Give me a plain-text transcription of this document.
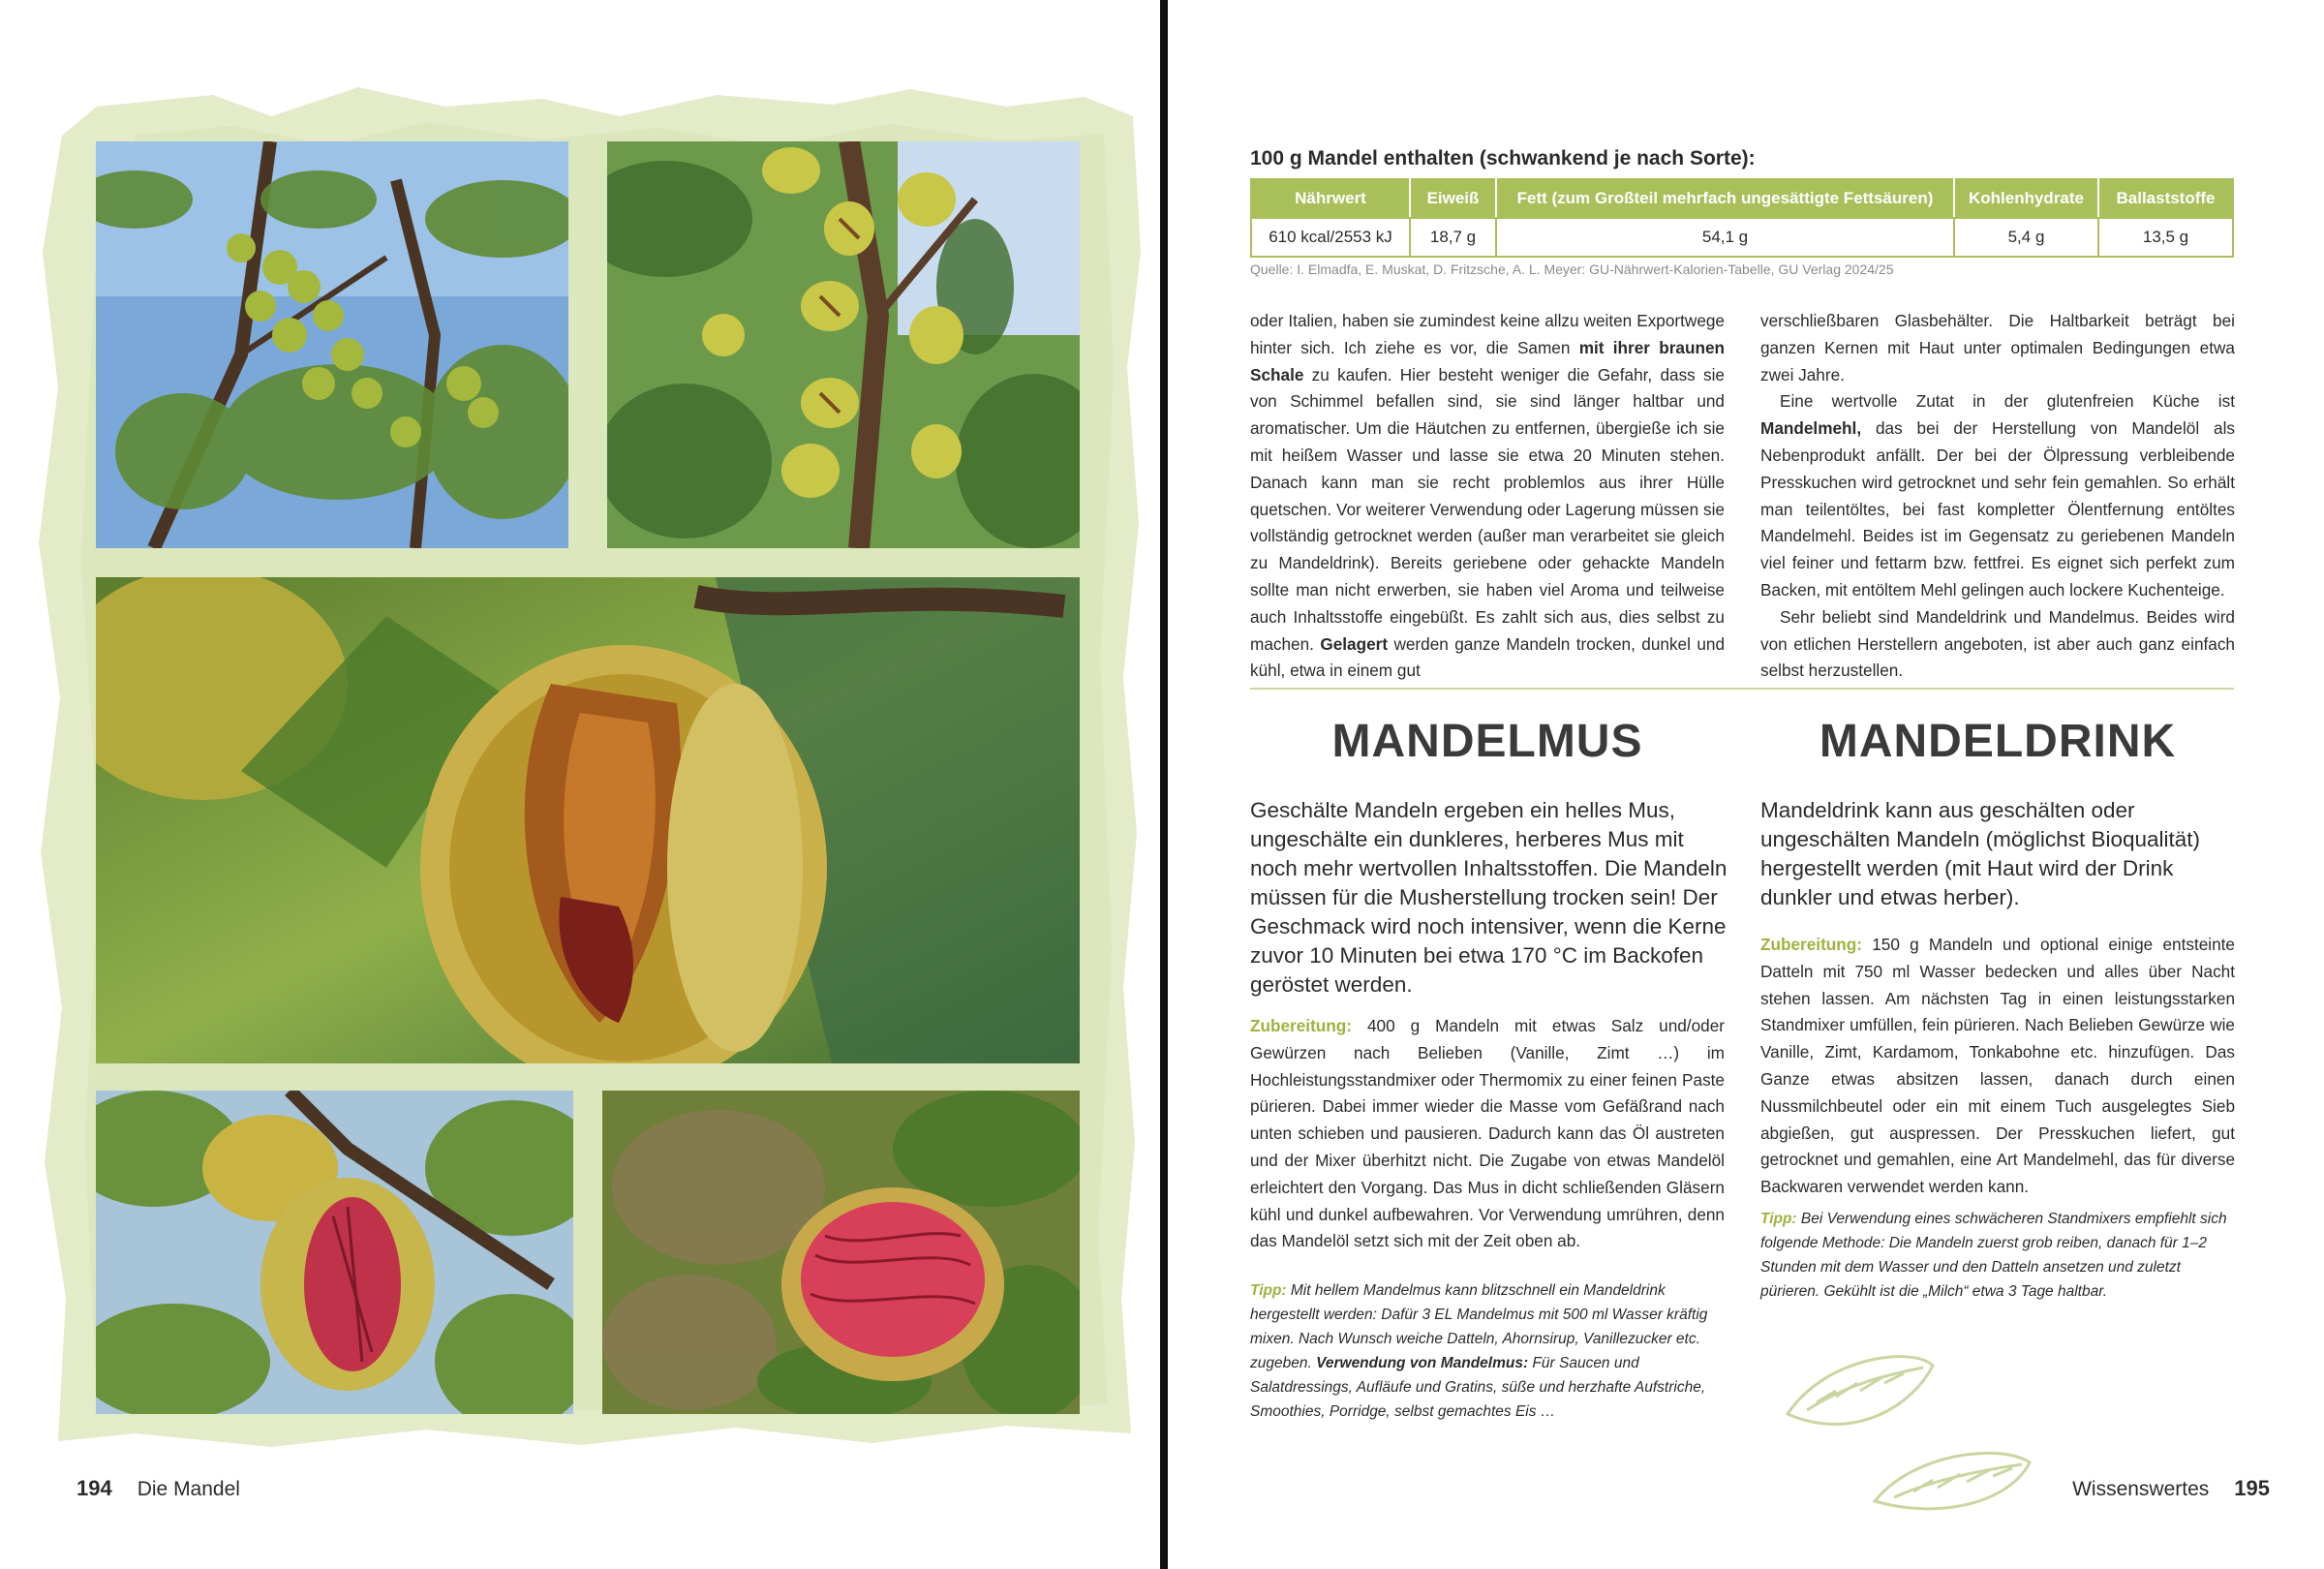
194 Die Mandel
100 g Mandel enthalten (schwankend je nach Sorte):
Nährwert	Eiweiß	Fett (zum Großteil mehrfach ungesättigte Fettsäuren)	Kohlenhydrate	Ballaststoffe
610 kcal/2553 kJ	18,7 g	54,1 g	5,4 g	13,5 g
Quelle: I. Elmadfa, E. Muskat, D. Fritzsche, A. L. Meyer: GU-Nährwert-Kalorien-Tabelle, GU Verlag 2024/25

oder Italien, haben sie zumindest keine allzu weiten Exportwege hinter sich. Ich ziehe es vor, die Samen mit ihrer braunen Schale zu kaufen. Hier besteht weniger die Gefahr, dass sie von Schimmel befallen sind, sie sind länger haltbar und aromatischer. Um die Häutchen zu entfernen, übergieße ich sie mit heißem Wasser und lasse sie etwa 20 Minuten stehen. Danach kann man sie recht problemlos aus ihrer Hülle quetschen. Vor weiterer Verwendung oder Lagerung müssen sie vollständig getrocknet werden (außer man verarbeitet sie gleich zu Mandeldrink). Bereits geriebene oder gehackte Mandeln sollte man nicht erwerben, sie haben viel Aroma und teilweise auch Inhaltsstoffe eingebüßt. Es zahlt sich aus, dies selbst zu machen. Gelagert werden ganze Mandeln trocken, dunkel und kühl, etwa in einem gut

verschließbaren Glasbehälter. Die Haltbarkeit beträgt bei ganzen Kernen mit Haut unter optimalen Bedingungen etwa zwei Jahre.

Eine wertvolle Zutat in der glutenfreien Küche ist Mandelmehl, das bei der Herstellung von Mandelöl als Nebenprodukt anfällt. Der bei der Ölpressung verbleibende Presskuchen wird getrocknet und sehr fein gemahlen. So erhält man teilentöltes, bei fast kompletter Ölentfernung entöltes Mandelmehl. Beides ist im Gegensatz zu geriebenen Mandeln viel feiner und fettarm bzw. fettfrei. Es eignet sich perfekt zum Backen, mit entöltem Mehl gelingen auch lockere Kuchenteige.

Sehr beliebt sind Mandeldrink und Mandelmus. Beides wird von etlichen Herstellern angeboten, ist aber auch ganz einfach selbst herzustellen.

MANDELMUS	MANDELDRINK
Geschälte Mandeln ergeben ein helles Mus, ungeschälte ein dunkleres, herberes Mus mit noch mehr wertvollen Inhaltsstoffen. Die Mandeln müssen für die Musherstellung trocken sein! Der Geschmack wird noch intensiver, wenn die Kerne zuvor 10 Minuten bei etwa 170 °C im Backofen geröstet werden.
Mandeldrink kann aus geschälten oder ungeschälten Mandeln (möglichst Bioqualität) hergestellt werden (mit Haut wird der Drink dunkler und etwas herber).
Zubereitung: 400 g Mandeln mit etwas Salz und/oder Gewürzen nach Belieben (Vanille, Zimt …) im Hochleistungsstandmixer oder Thermomix zu einer feinen Paste pürieren. Dabei immer wieder die Masse vom Gefäßrand nach unten schieben und pausieren. Dadurch kann das Öl austreten und der Mixer überhitzt nicht. Die Zugabe von etwas Mandelöl erleichtert den Vorgang. Das Mus in dicht schließenden Gläsern kühl und dunkel aufbewahren. Vor Verwendung umrühren, denn das Mandelöl setzt sich mit der Zeit oben ab.
Zubereitung: 150 g Mandeln und optional einige entsteinte Datteln mit 750 ml Wasser bedecken und alles über Nacht stehen lassen. Am nächsten Tag in einen leistungsstarken Standmixer umfüllen, fein pürieren. Nach Belieben Gewürze wie Vanille, Zimt, Kardamom, Tonkabohne etc. hinzufügen. Das Ganze etwas absitzen lassen, danach durch einen Nussmilchbeutel oder ein mit einem Tuch ausgelegtes Sieb abgießen, gut auspressen. Der Presskuchen liefert, gut getrocknet und gemahlen, eine Art Mandelmehl, das für diverse Backwaren verwendet werden kann.
Tipp: Mit hellem Mandelmus kann blitzschnell ein Mandeldrink hergestellt werden: Dafür 3 EL Mandelmus mit 500 ml Wasser kräftig mixen. Nach Wunsch weiche Datteln, Ahornsirup, Vanillezucker etc. zugeben. Verwendung von Mandelmus: Für Saucen und Salatdressings, Aufläufe und Gratins, süße und herzhafte Aufstriche, Smoothies, Porridge, selbst gemachtes Eis …
Tipp: Bei Verwendung eines schwächeren Standmixers empfiehlt sich folgende Methode: Die Mandeln zuerst grob reiben, danach für 1–2 Stunden mit dem Wasser und den Datteln ansetzen und zuletzt pürieren. Gekühlt ist die „Milch“ etwa 3 Tage haltbar.
Wissenswertes 195
